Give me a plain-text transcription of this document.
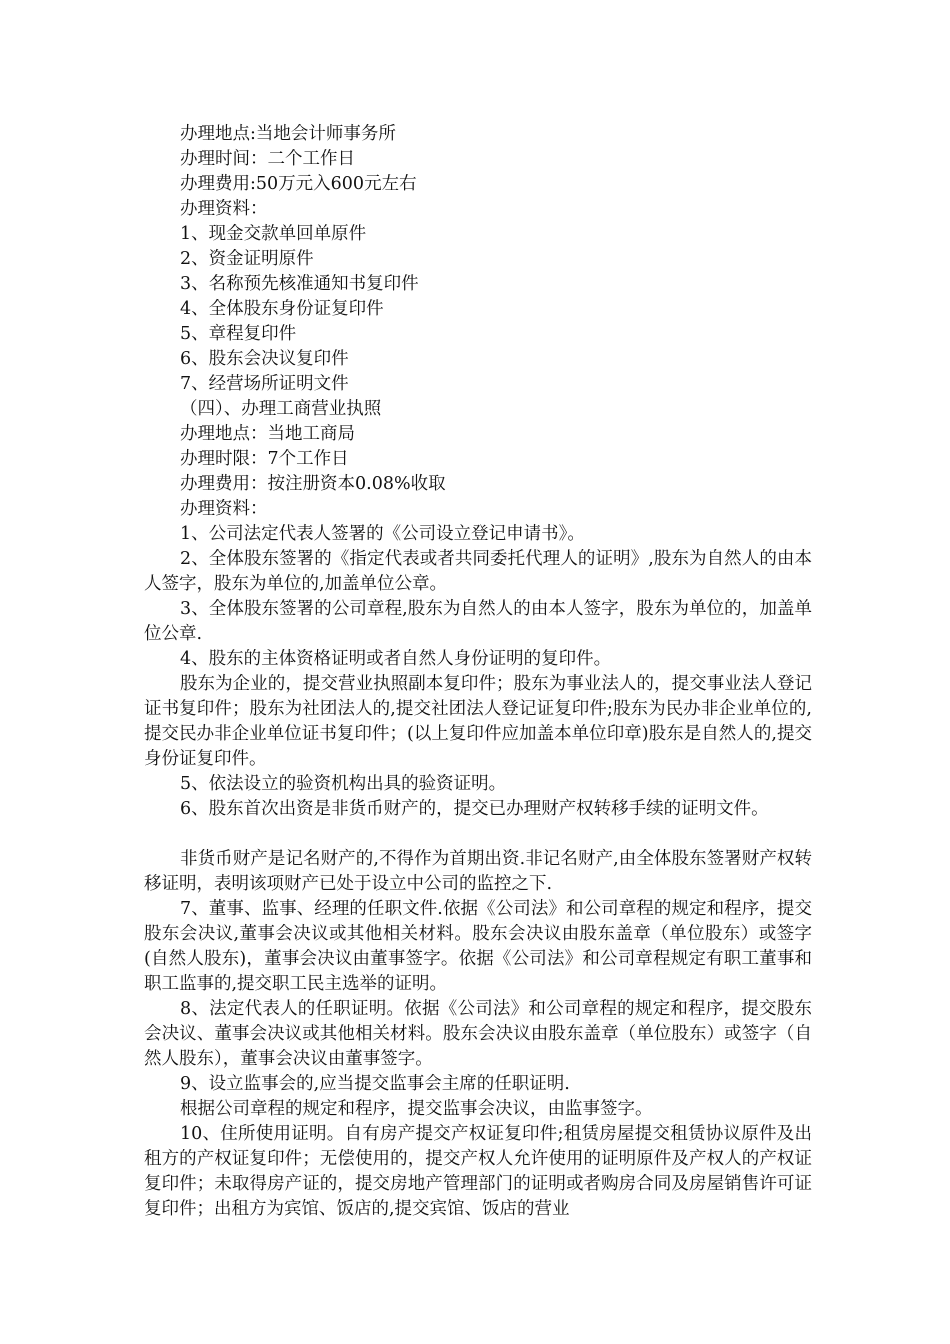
办理地点:当地会计师事务所

办理时间：二个工作日

办理费用:50万元入600元左右

办理资料：

1、现金交款单回单原件

2、资金证明原件

3、名称预先核准通知书复印件

4、全体股东身份证复印件

5、章程复印件

6、股东会决议复印件

7、经营场所证明文件

（四）、办理工商营业执照

办理地点：当地工商局

办理时限：7个工作日

办理费用：按注册资本0.08%收取

办理资料：

1、公司法定代表人签署的《公司设立登记申请书》。

2、全体股东签署的《指定代表或者共同委托代理人的证明》,股东为自然人的由本人签字，股东为单位的,加盖单位公章。

3、全体股东签署的公司章程,股东为自然人的由本人签字，股东为单位的，加盖单位公章.

4、股东的主体资格证明或者自然人身份证明的复印件。

股东为企业的，提交营业执照副本复印件；股东为事业法人的，提交事业法人登记证书复印件；股东为社团法人的,提交社团法人登记证复印件;股东为民办非企业单位的,提交民办非企业单位证书复印件；(以上复印件应加盖本单位印章)股东是自然人的,提交身份证复印件。

5、依法设立的验资机构出具的验资证明。

6、股东首次出资是非货币财产的，提交已办理财产权转移手续的证明文件。

非货币财产是记名财产的,不得作为首期出资.非记名财产,由全体股东签署财产权转移证明，表明该项财产已处于设立中公司的监控之下.

7、董事、监事、经理的任职文件.依据《公司法》和公司章程的规定和程序，提交股东会决议,董事会决议或其他相关材料。股东会决议由股东盖章（单位股东）或签字(自然人股东)，董事会决议由董事签字。依据《公司法》和公司章程规定有职工董事和职工监事的,提交职工民主选举的证明。

8、法定代表人的任职证明。依据《公司法》和公司章程的规定和程序，提交股东会决议、董事会决议或其他相关材料。股东会决议由股东盖章（单位股东）或签字（自然人股东），董事会决议由董事签字。

9、设立监事会的,应当提交监事会主席的任职证明.

根据公司章程的规定和程序，提交监事会决议，由监事签字。

10、住所使用证明。自有房产提交产权证复印件;租赁房屋提交租赁协议原件及出租方的产权证复印件；无偿使用的，提交产权人允许使用的证明原件及产权人的产权证复印件；未取得房产证的，提交房地产管理部门的证明或者购房合同及房屋销售许可证复印件；出租方为宾馆、饭店的,提交宾馆、饭店的营业
